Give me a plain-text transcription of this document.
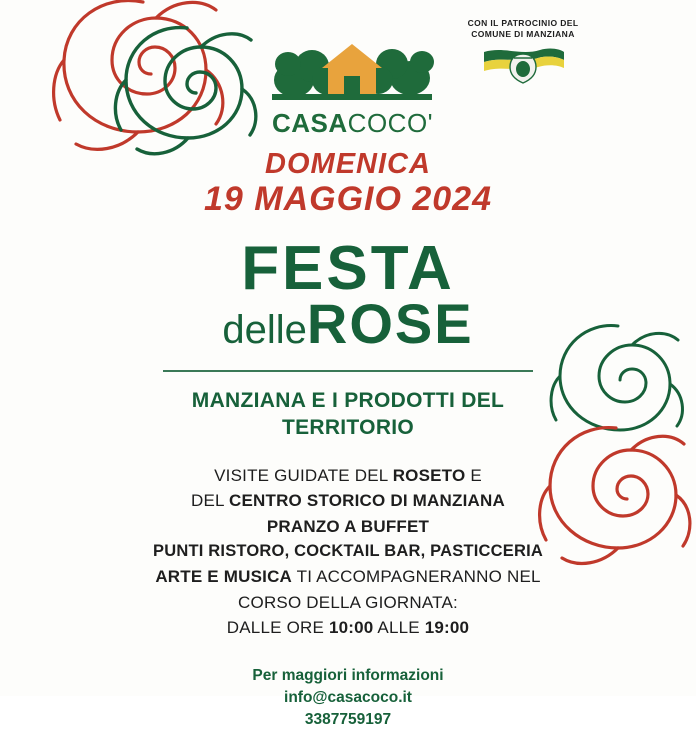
CASACOCO'
CON IL PATROCINIO DEL
COMUNE DI MANZIANA
DOMENICA
19 MAGGIO 2024
FESTA
delleROSE
MANZIANA E I PRODOTTI DEL
TERRITORIO
VISITE GUIDATE DEL ROSETO E
DEL CENTRO STORICO DI MANZIANA
PRANZO A BUFFET
PUNTI RISTORO, COCKTAIL BAR, PASTICCERIA
ARTE E MUSICA TI ACCOMPAGNERANNO NEL
CORSO DELLA GIORNATA:
DALLE ORE 10:00 ALLE 19:00
Per maggiori informazioni
info@casacoco.it
3387759197
